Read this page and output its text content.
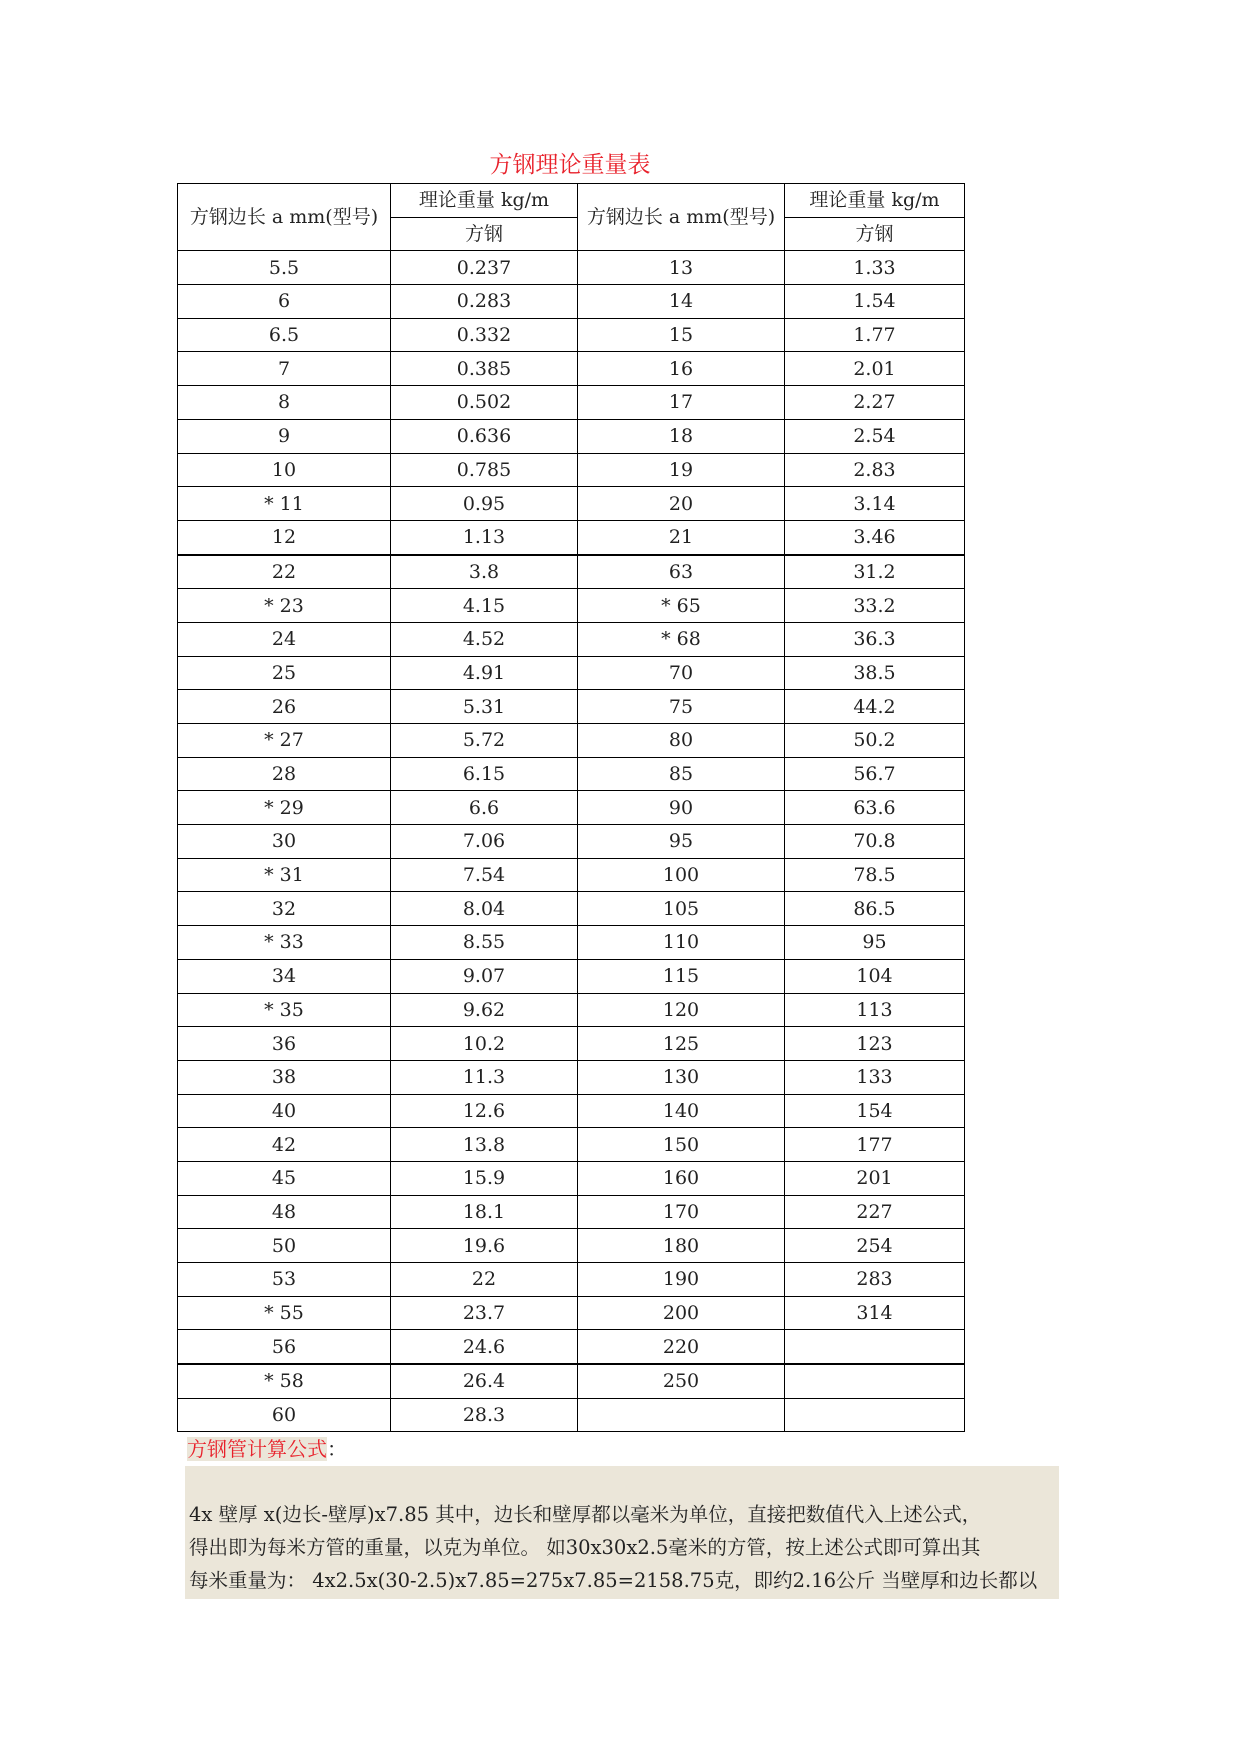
方钢理论重量表
方钢边长 a mm(型号)	理论重量 kg/m	方钢边长 a mm(型号)	理论重量 kg/m
	方钢		方钢
5.5	0.237	13	1.33
6	0.283	14	1.54
6.5	0.332	15	1.77
7	0.385	16	2.01
8	0.502	17	2.27
9	0.636	18	2.54
10	0.785	19	2.83
* 11	0.95	20	3.14
12	1.13	21	3.46
22	3.8	63	31.2
* 23	4.15	* 65	33.2
24	4.52	* 68	36.3
25	4.91	70	38.5
26	5.31	75	44.2
* 27	5.72	80	50.2
28	6.15	85	56.7
* 29	6.6	90	63.6
30	7.06	95	70.8
* 31	7.54	100	78.5
32	8.04	105	86.5
* 33	8.55	110	95
34	9.07	115	104
* 35	9.62	120	113
36	10.2	125	123
38	11.3	130	133
40	12.6	140	154
42	13.8	150	177
45	15.9	160	201
48	18.1	170	227
50	19.6	180	254
53	22	190	283
* 55	23.7	200	314
56	24.6	220	
* 58	26.4	250	
60	28.3		
方钢管计算公式：

4x 壁厚 x(边长-壁厚)x7.85 其中，边长和壁厚都以毫米为单位，直接把数值代入上述公式，
得出即为每米方管的重量，以克为单位。 如30x30x2.5毫米的方管，按上述公式即可算出其
每米重量为： 4x2.5x(30-2.5)x7.85=275x7.85=2158.75克，即约2.16公斤 当壁厚和边长都以
